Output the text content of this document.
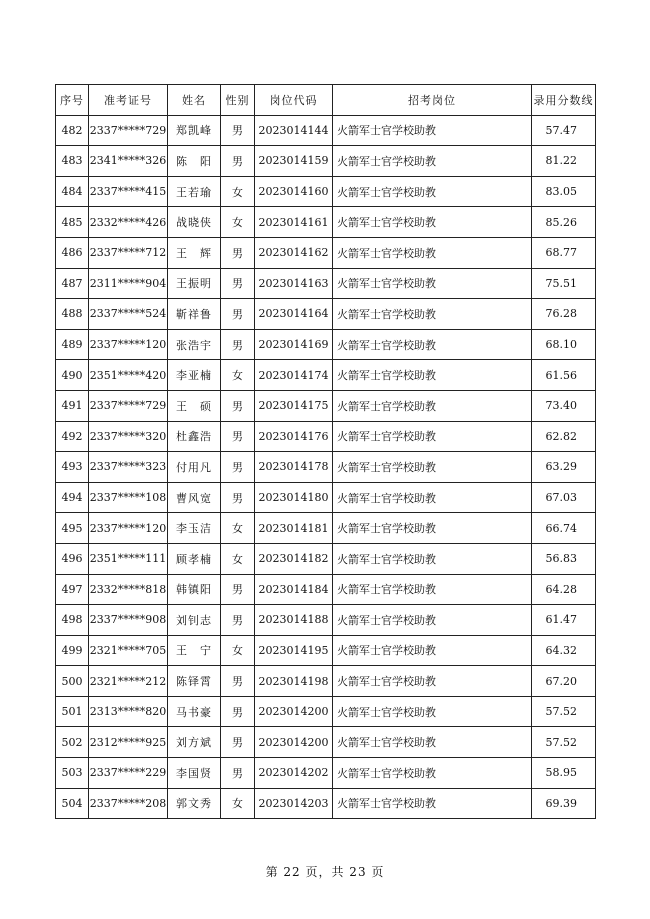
序号	准考证号	姓名	性别	岗位代码	招考岗位	录用分数线
482	2337*****729	郑凯峰	男	2023014144	火箭军士官学校助教	57.47
483	2341*****326	陈　阳	男	2023014159	火箭军士官学校助教	81.22
484	2337*****415	王若瑜	女	2023014160	火箭军士官学校助教	83.05
485	2332*****426	战晓侠	女	2023014161	火箭军士官学校助教	85.26
486	2337*****712	王　辉	男	2023014162	火箭军士官学校助教	68.77
487	2311*****904	王振明	男	2023014163	火箭军士官学校助教	75.51
488	2337*****524	靳祥鲁	男	2023014164	火箭军士官学校助教	76.28
489	2337*****120	张浩宇	男	2023014169	火箭军士官学校助教	68.10
490	2351*****420	李亚楠	女	2023014174	火箭军士官学校助教	61.56
491	2337*****729	王　硕	男	2023014175	火箭军士官学校助教	73.40
492	2337*****320	杜鑫浩	男	2023014176	火箭军士官学校助教	62.82
493	2337*****323	付用凡	男	2023014178	火箭军士官学校助教	63.29
494	2337*****108	曹风宽	男	2023014180	火箭军士官学校助教	67.03
495	2337*****120	李玉洁	女	2023014181	火箭军士官学校助教	66.74
496	2351*****111	顾孝楠	女	2023014182	火箭军士官学校助教	56.83
497	2332*****818	韩镇阳	男	2023014184	火箭军士官学校助教	64.28
498	2337*****908	刘钊志	男	2023014188	火箭军士官学校助教	61.47
499	2321*****705	王　宁	女	2023014195	火箭军士官学校助教	64.32
500	2321*****212	陈铎霄	男	2023014198	火箭军士官学校助教	67.20
501	2313*****820	马书豪	男	2023014200	火箭军士官学校助教	57.52
502	2312*****925	刘方斌	男	2023014200	火箭军士官学校助教	57.52
503	2337*****229	李国贤	男	2023014202	火箭军士官学校助教	58.95
504	2337*****208	郭文秀	女	2023014203	火箭军士官学校助教	69.39
第 22 页，共 23 页
